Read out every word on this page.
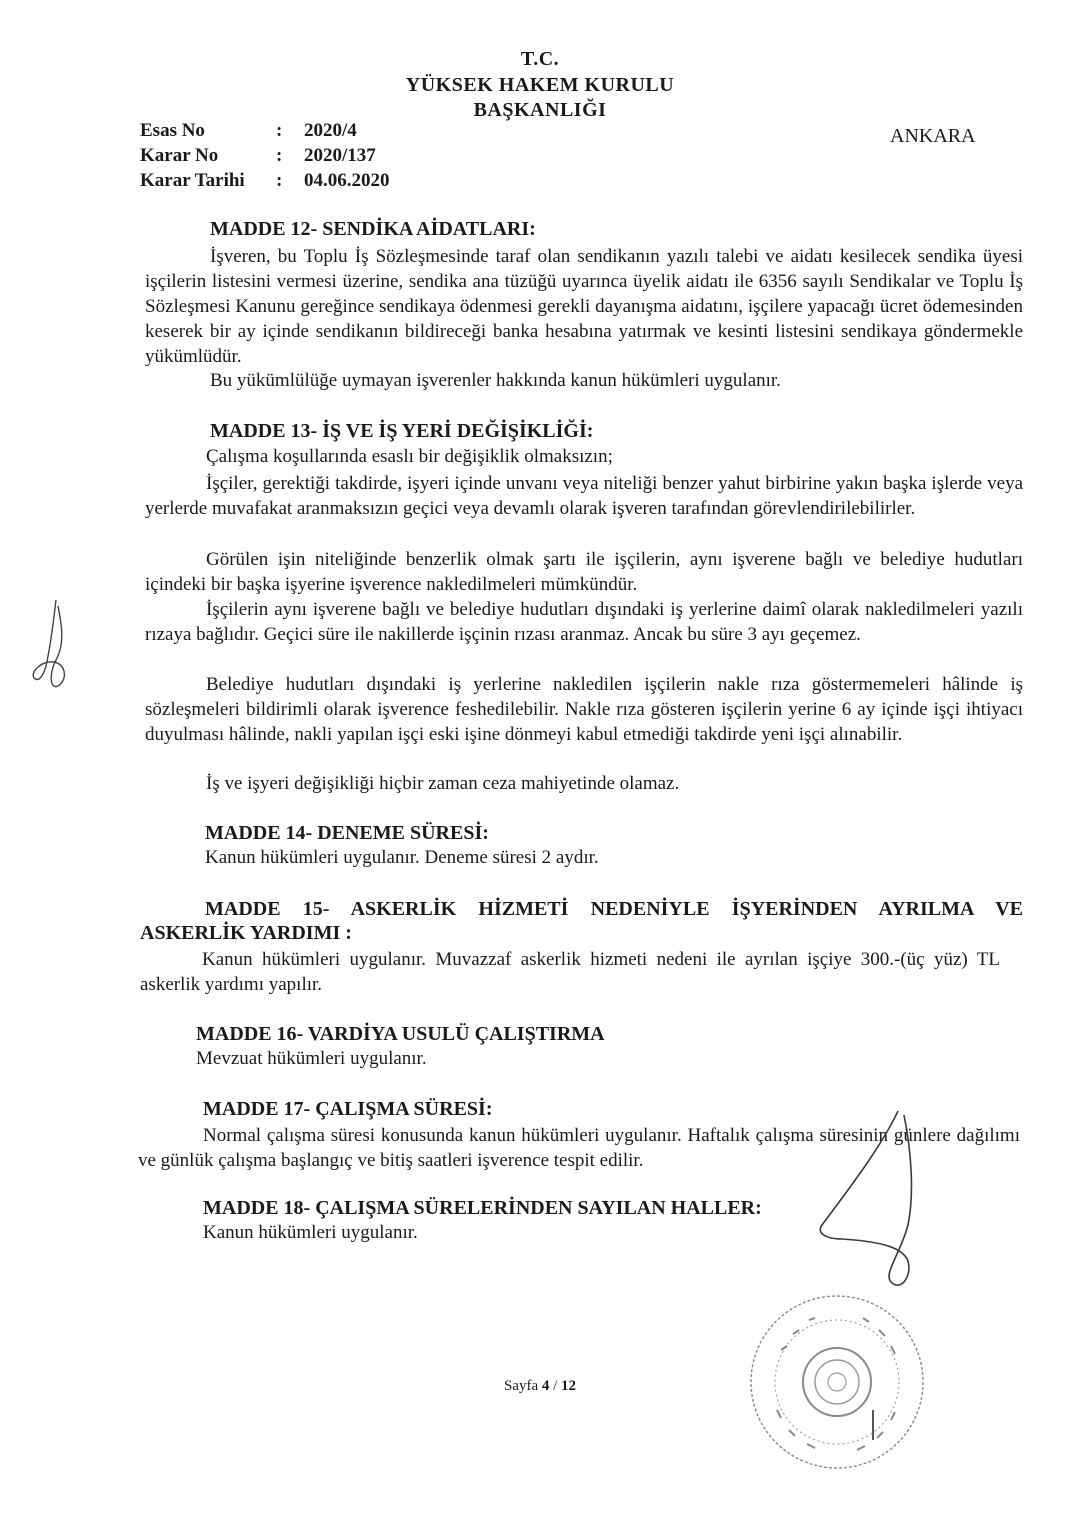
T.C.
YÜKSEK HAKEM KURULU
BAŞKANLIĞI
Esas No	: 2020/4
Karar No	: 2020/137
Karar Tarihi : 04.06.2020
ANKARA
MADDE 12- SENDİKA AİDATLARI:
İşveren, bu Toplu İş Sözleşmesinde taraf olan sendikanın yazılı talebi ve aidatı kesilecek sendika üyesi işçilerin listesini vermesi üzerine, sendika ana tüzüğü uyarınca üyelik aidatı ile 6356 sayılı Sendikalar ve Toplu İş Sözleşmesi Kanunu gereğince sendikaya ödenmesi gerekli dayanışma aidatını, işçilere yapacağı ücret ödemesinden keserek bir ay içinde sendikanın bildireceği banka hesabına yatırmak ve kesinti listesini sendikaya göndermekle yükümlüdür.
Bu yükümlülüğe uymayan işverenler hakkında kanun hükümleri uygulanır.
MADDE 13- İŞ VE İŞ YERİ DEĞİŞİKLİĞİ:
Çalışma koşullarında esaslı bir değişiklik olmaksızın;
İşçiler, gerektiği takdirde, işyeri içinde unvanı veya niteliği benzer yahut birbirine yakın başka işlerde veya yerlerde muvafakat aranmaksızın geçici veya devamlı olarak işveren tarafından görevlendirilebilirler.
Görülen işin niteliğinde benzerlik olmak şartı ile işçilerin, aynı işverene bağlı ve belediye hudutları içindeki bir başka işyerine işverence nakledilmeleri mümkündür.
İşçilerin aynı işverene bağlı ve belediye hudutları dışındaki iş yerlerine daimî olarak nakledilmeleri yazılı rızaya bağlıdır. Geçici süre ile nakillerde işçinin rızası aranmaz. Ancak bu süre 3 ayı geçemez.
Belediye hudutları dışındaki iş yerlerine nakledilen işçilerin nakle rıza göstermemeleri hâlinde iş sözleşmeleri bildirimli olarak işverence feshedilebilir. Nakle rıza gösteren işçilerin yerine 6 ay içinde işçi ihtiyacı duyulması hâlinde, nakli yapılan işçi eski işine dönmeyi kabul etmediği takdirde yeni işçi alınabilir.
İş ve işyeri değişikliği hiçbir zaman ceza mahiyetinde olamaz.
MADDE 14- DENEME SÜRESİ:
Kanun hükümleri uygulanır. Deneme süresi 2 aydır.
MADDE 15- ASKERLİK HİZMETİ NEDENİYLE İŞYERİNDEN AYRILMA VE
ASKERLİK YARDIMI :
Kanun hükümleri uygulanır. Muvazzaf askerlik hizmeti nedeni ile ayrılan işçiye 300.-(üç yüz) TL askerlik yardımı yapılır.
MADDE 16- VARDİYA USULÜ ÇALIŞTIRMA
Mevzuat hükümleri uygulanır.
MADDE 17- ÇALIŞMA SÜRESİ:
Normal çalışma süresi konusunda kanun hükümleri uygulanır. Haftalık çalışma süresinin günlere dağılımı ve günlük çalışma başlangıç ve bitiş saatleri işverence tespit edilir.
MADDE 18- ÇALIŞMA SÜRELERİNDEN SAYILAN HALLER:
Kanun hükümleri uygulanır.
Sayfa 4 / 12
